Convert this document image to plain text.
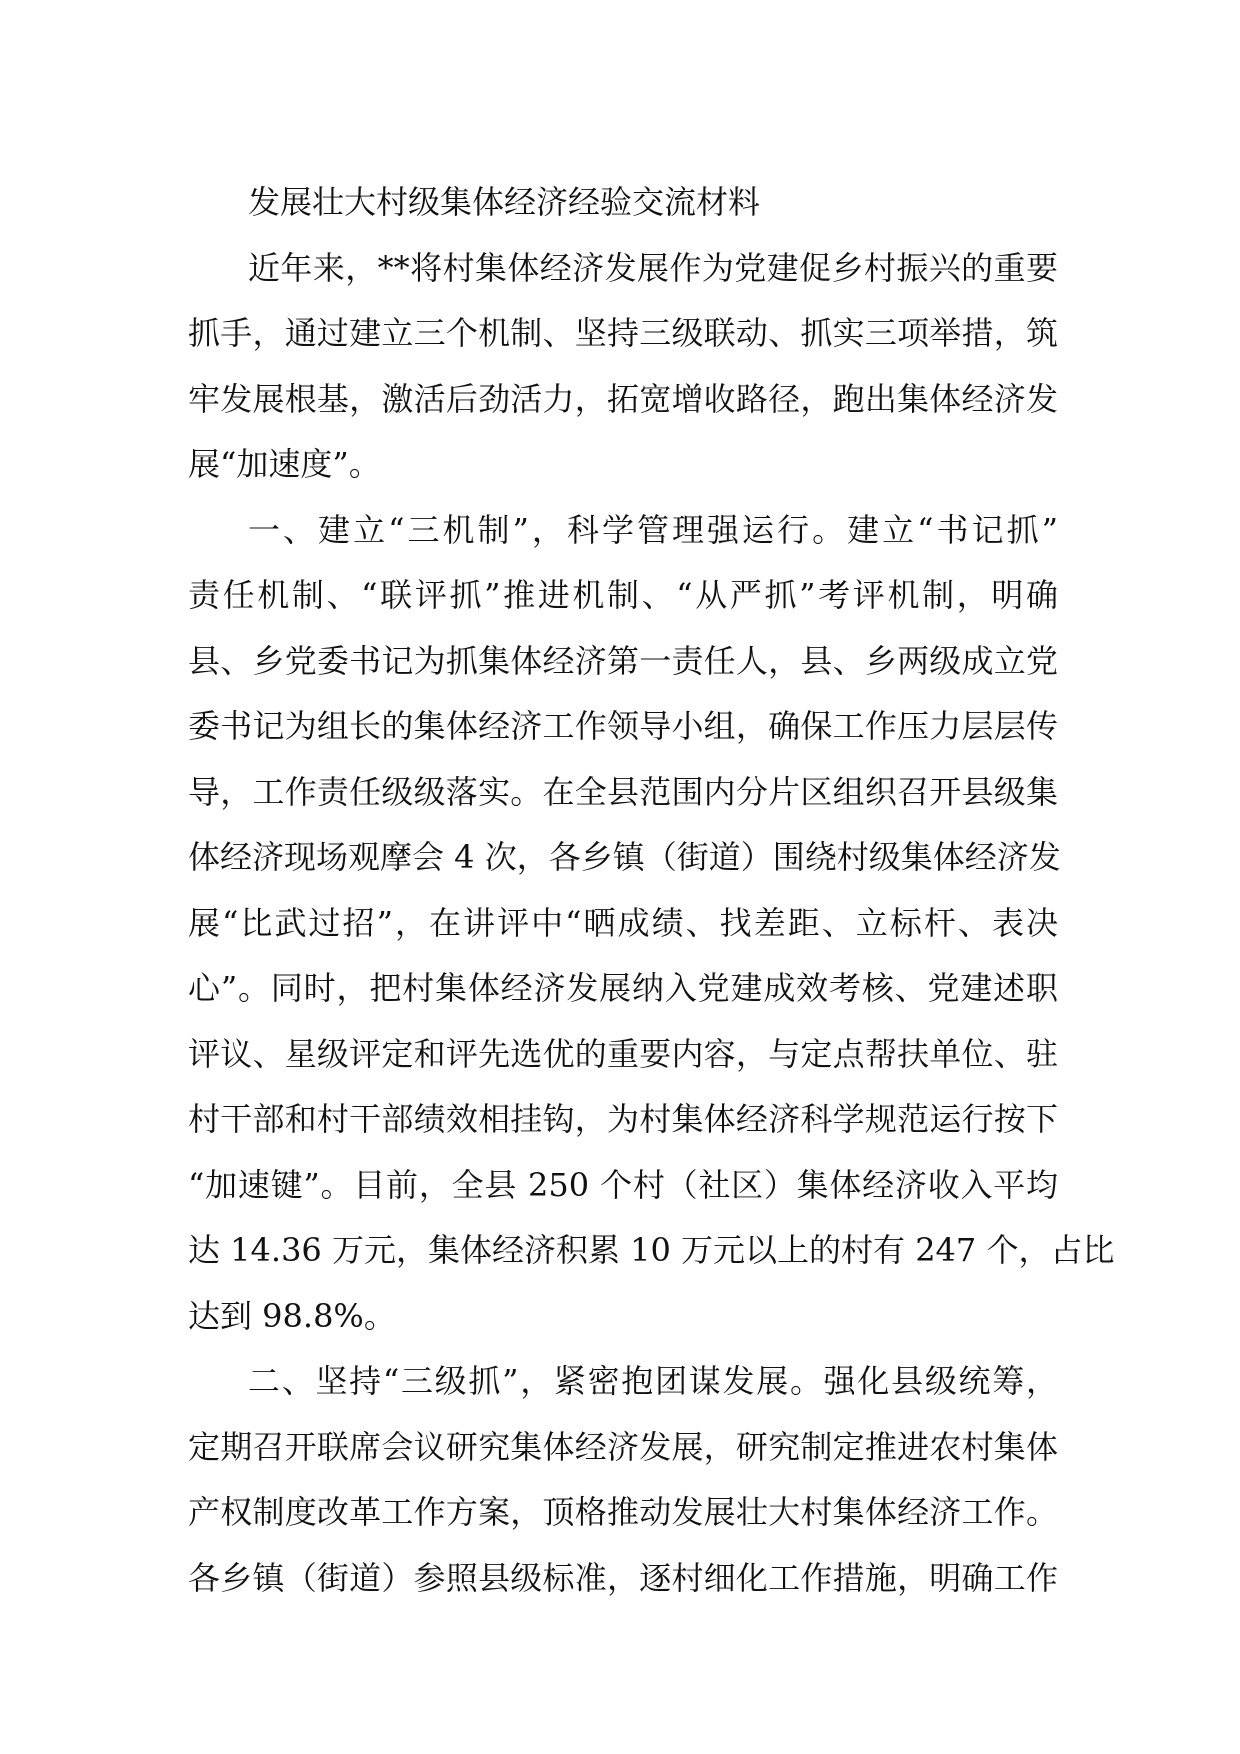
发展壮大村级集体经济经验交流材料
近年来，**将村集体经济发展作为党建促乡村振兴的重要
抓手，通过建立三个机制、坚持三级联动、抓实三项举措，筑
牢发展根基，激活后劲活力，拓宽增收路径，跑出集体经济发
展“加速度”。
一、建立“三机制”，科学管理强运行。建立“书记抓”
责任机制、“联评抓”推进机制、“从严抓”考评机制，明确
县、乡党委书记为抓集体经济第一责任人，县、乡两级成立党
委书记为组长的集体经济工作领导小组，确保工作压力层层传
导，工作责任级级落实。在全县范围内分片区组织召开县级集
体经济现场观摩会 4 次，各乡镇（街道）围绕村级集体经济发
展“比武过招”，在讲评中“晒成绩、找差距、立标杆、表决
心”。同时，把村集体经济发展纳入党建成效考核、党建述职
评议、星级评定和评先选优的重要内容，与定点帮扶单位、驻
村干部和村干部绩效相挂钩，为村集体经济科学规范运行按下
“加速键”。目前，全县 250 个村（社区）集体经济收入平均
达 14.36 万元，集体经济积累 10 万元以上的村有 247 个，占比
达到 98.8%。
二、坚持“三级抓”，紧密抱团谋发展。强化县级统筹，
定期召开联席会议研究集体经济发展，研究制定推进农村集体
产权制度改革工作方案，顶格推动发展壮大村集体经济工作。
各乡镇（街道）参照县级标准，逐村细化工作措施，明确工作
